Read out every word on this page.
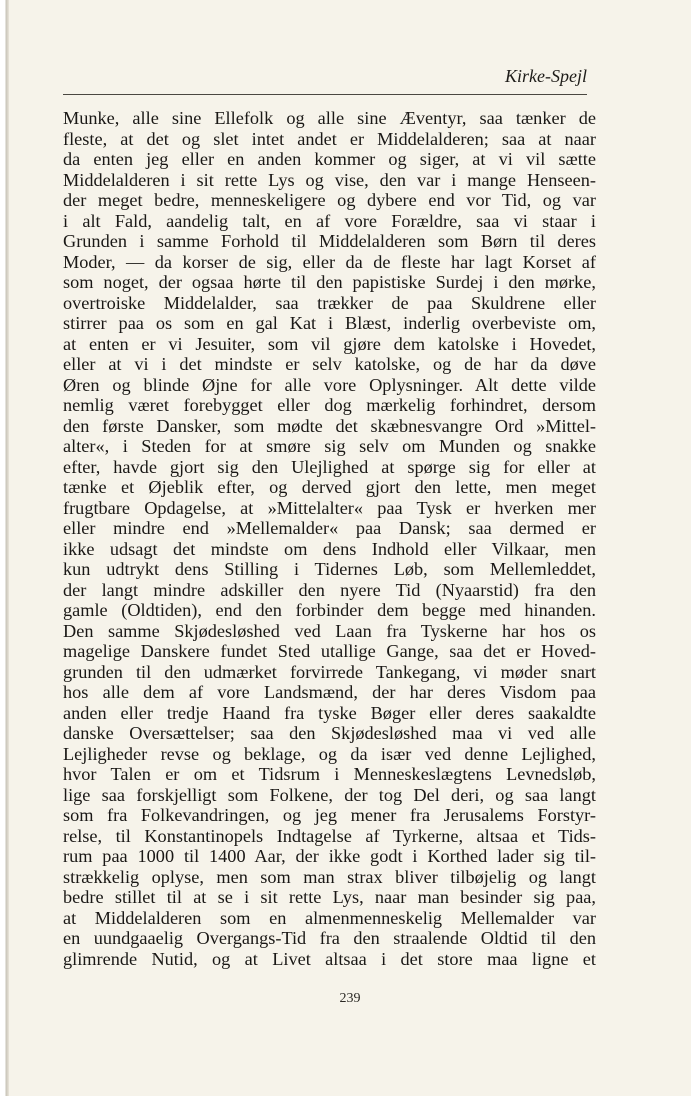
Kirke-Spejl
Munke, alle sine Ellefolk og alle sine Æventyr, saa tænker de
fleste, at det og slet intet andet er Middelalderen; saa at naar
da enten jeg eller en anden kommer og siger, at vi vil sætte
Middelalderen i sit rette Lys og vise, den var i mange Henseen-
der meget bedre, menneskeligere og dybere end vor Tid, og var
i alt Fald, aandelig talt, en af vore Forældre, saa vi staar i
Grunden i samme Forhold til Middelalderen som Børn til deres
Moder, — da korser de sig, eller da de fleste har lagt Korset af
som noget, der ogsaa hørte til den papistiske Surdej i den mørke,
overtroiske Middelalder, saa trækker de paa Skuldrene eller
stirrer paa os som en gal Kat i Blæst, inderlig overbeviste om,
at enten er vi Jesuiter, som vil gjøre dem katolske i Hovedet,
eller at vi i det mindste er selv katolske, og de har da døve
Øren og blinde Øjne for alle vore Oplysninger. Alt dette vilde
nemlig været forebygget eller dog mærkelig forhindret, dersom
den første Dansker, som mødte det skæbnesvangre Ord »Mittel-
alter«, i Steden for at smøre sig selv om Munden og snakke
efter, havde gjort sig den Ulejlighed at spørge sig for eller at
tænke et Øjeblik efter, og derved gjort den lette, men meget
frugtbare Opdagelse, at »Mittelalter« paa Tysk er hverken mer
eller mindre end »Mellemalder« paa Dansk; saa dermed er
ikke udsagt det mindste om dens Indhold eller Vilkaar, men
kun udtrykt dens Stilling i Tidernes Løb, som Mellemleddet,
der langt mindre adskiller den nyere Tid (Nyaarstid) fra den
gamle (Oldtiden), end den forbinder dem begge med hinanden.
Den samme Skjødesløshed ved Laan fra Tyskerne har hos os
magelige Danskere fundet Sted utallige Gange, saa det er Hoved-
grunden til den udmærket forvirrede Tankegang, vi møder snart
hos alle dem af vore Landsmænd, der har deres Visdom paa
anden eller tredje Haand fra tyske Bøger eller deres saakaldte
danske Oversættelser; saa den Skjødesløshed maa vi ved alle
Lejligheder revse og beklage, og da især ved denne Lejlighed,
hvor Talen er om et Tidsrum i Menneskeslægtens Levnedsløb,
lige saa forskjelligt som Folkene, der tog Del deri, og saa langt
som fra Folkevandringen, og jeg mener fra Jerusalems Forstyr-
relse, til Konstantinopels Indtagelse af Tyrkerne, altsaa et Tids-
rum paa 1000 til 1400 Aar, der ikke godt i Korthed lader sig til-
strækkelig oplyse, men som man strax bliver tilbøjelig og langt
bedre stillet til at se i sit rette Lys, naar man besinder sig paa,
at Middelalderen som en almenmenneskelig Mellemalder var
en uundgaaelig Overgangs-Tid fra den straalende Oldtid til den
glimrende Nutid, og at Livet altsaa i det store maa ligne et
239
